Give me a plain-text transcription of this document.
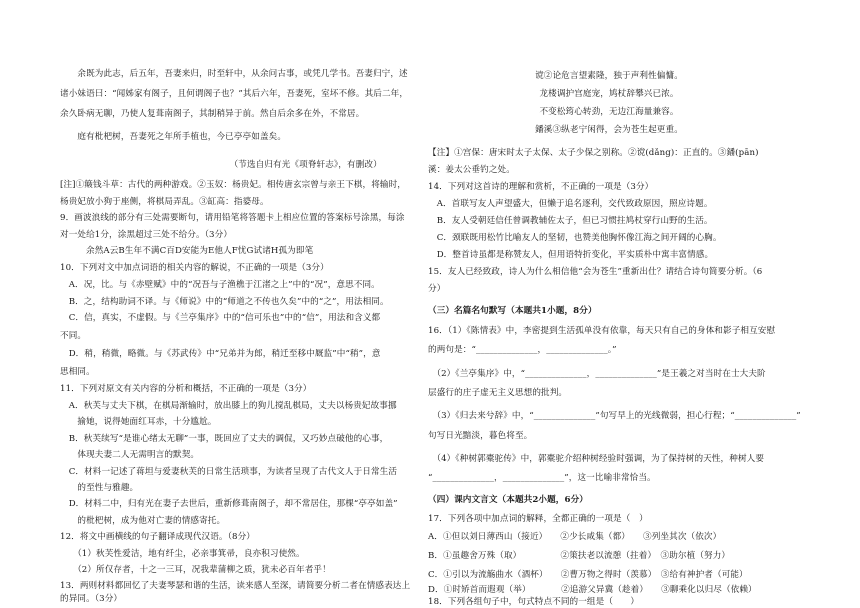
　　余既为此志，后五年，吾妻来归，时至轩中，从余问古事，或凭几学书。吾妻归宁，述
诸小妹语曰：“闻姊家有阁子，且何谓阁子也？”其后六年，吾妻死，室坏不修。其后二年，
余久卧病无聊，乃使人复葺南阁子，其制稍异于前。然自后余多在外，不常居。
　　庭有枇杷树，吾妻死之年所手植也，今已亭亭如盖矣。
　　　　　　　　　　　　　　　　　　　　（节选自归有光《项脊轩志》，有删改）
[注]①簸钱斗草：古代的两种游戏。②玉奴：杨贵妃。相传唐玄宗曾与亲王下棋，将输时，
杨贵妃放小狗于座侧，将棋局弄乱。③缸高：指婆母。
9．画波浪线的部分有三处需要断句，请用铅笔将答题卡上相应位置的答案标号涂黑，每涂
对一处给1分，涂黑超过三处不给分。（3分）
余然A云B生年不满C百D安能为E他人F忧G试诸H孤为即笔
10．下列对文中加点词语的相关内容的解说，不正确的一项是（3分）
　A．况，比。与《赤壁赋》中的“况吾与子渔樵于江渚之上”中的“况”，意思不同。
　B．之，结构助词不译。与《师说》中的“师道之不传也久矣”中的“之”，用法相同。
　C．信，真实，不虚假。与《兰亭集序》中的“信可乐也”中的“信”，用法和含义都
不同。
　D．稍，稍微，略微。与《苏武传》中“兄弟并为郎，稍迁至移中厩监”中“稍”，意
思相同。
11．下列对原文有关内容的分析和概括，不正确的一项是（3分）
　A．秋芙与丈夫下棋，在棋局渐输时，放出膝上的狗儿搅乱棋局，丈夫以杨贵妃故事挪
　　揄她，说得她面红耳赤，十分尴尬。
　B．秋芙续写“是谁心绪太无聊”一事，既回应了丈夫的调侃，又巧妙点破他的心事，
　　体现夫妻二人无需明言的默契。
　C．材料一记述了蒋坦与爱妻秋芙的日常生活琐事，为读者呈现了古代文人于日常生活
　　的至性与雅趣。
　D．材料二中，归有光在妻子去世后，重新修葺南阁子，却不常居住，那棵“亭亭如盖”
　　的枇杷树，成为他对亡妻的情感寄托。
12．将文中画横线的句子翻译成现代汉语。（8分）
　　（1）秋芙性爱洁，地有纤尘，必亲事箕帚，良亦积习使然。
　　（2）所仅存者，十之一三耳，况我辈蒲柳之质，犹未必百年者乎！
13．两则材料都回忆了夫妻琴瑟和谐的生活，读来感人至深，请简要分析二者在情感表达上
的异同。（3分）
谠②论危言望素隆，独于声利性偏慵。
龙楼调护宫庭宠，鸠杖辞攀兴已浓。
不变松筠心转劲，无边江海量兼容。
鐇溪③纵老宁闲得，会为苍生起更重。
【注】①宫保：唐宋时太子太保、太子少保之别称。②谠(dǎng)：正直的。③鐇(pān)
溪：姜太公垂钓之处。
14．下列对这首诗的理解和赏析，不正确的一项是（3分）
　A．首联写友人声望盛大，但懒于追名逐利，交代致政原因，照应诗题。
　B．友人受朝廷信任曾调教辅佐太子，但已习惯拄鸠杖穿行山野的生活。
　C．颈联既用松竹比喻友人的坚韧，也赞美他胸怀像江海之间开阔的心胸。
　D．整首诗虽都是称赞友人，但用语特折变化，平实质朴中寓丰富情感。
15．友人已经致政，诗人为什么相信他“会为苍生”重新出仕？请结合诗句简要分析。（6
分）
（三）名篇名句默写（本题共1小题，8分）
16．（1）《陈情表》中，李密提到生活孤单没有依靠，每天只有自己的身体和影子相互安慰
的两句是：“______________，______________。”
　（2）《兰亭集序》中，“______________，______________”是王羲之对当时在士大夫阶
层盛行的庄子虚无主义思想的批判。
　（3）《归去来兮辞》中，“______________”句写早上的光线微弱，担心行程；“______________”
句写日光黯淡，暮色将至。
　（4）《种树郭橐驼传》中，郭橐驼介绍种树经验时强调，为了保持树的天性，种树人要
“______________，______________”，这一比喻非常恰当。
（四）课内文言文（本题共2小题，6分）
17．下列各项中加点词的解释，全都正确的一项是（　）
A．①但以刘日薄西山（接近）　　②少长咸集（都）　　③列坐其次（依次）
B．①虽趣舍万殊（取）　　　　　②策扶老以流憩（拄着）　③助尔植（努力）
C．①引以为流觞曲水（酒杯）　　②曹万物之得时（羡慕）　③给有神护者（可能）
D．①时矫首而遐观（举）　　　　②追游父异冀（趁着）　　③聊乘化以归尽（依赖）
18．下列各组句子中，句式特点不同的一组是（　　）
